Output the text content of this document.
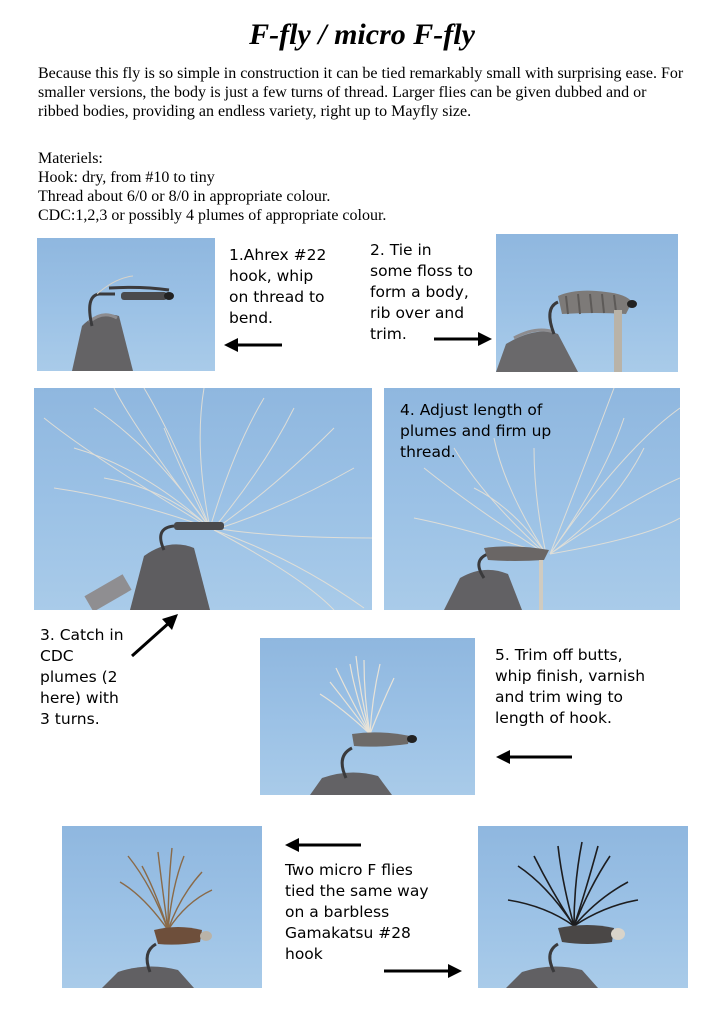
F-fly / micro F-fly

Because this fly is so simple in construction it can be tied remarkably small with surprising ease. For smaller versions, the body is just a few turns of thread. Larger flies can be given dubbed and or ribbed bodies, providing an endless variety, right up to Mayfly size.

Materiels:
Hook: dry, from #10 to tiny
Thread about 6/0 or 8/0 in appropriate colour.
CDC:1,2,3 or possibly 4 plumes of appropriate colour.
1.Ahrex #22
hook, whip
on thread to
bend.
2. Tie in
some floss to
form a body,
rib over and
trim.
3. Catch in
CDC
plumes (2
here) with
3 turns.
4. Adjust length of
plumes and firm up
thread.
5. Trim off butts,
whip finish, varnish
and trim wing to
length of hook.
Two micro F flies
tied the same way
on a barbless
Gamakatsu #28
hook
